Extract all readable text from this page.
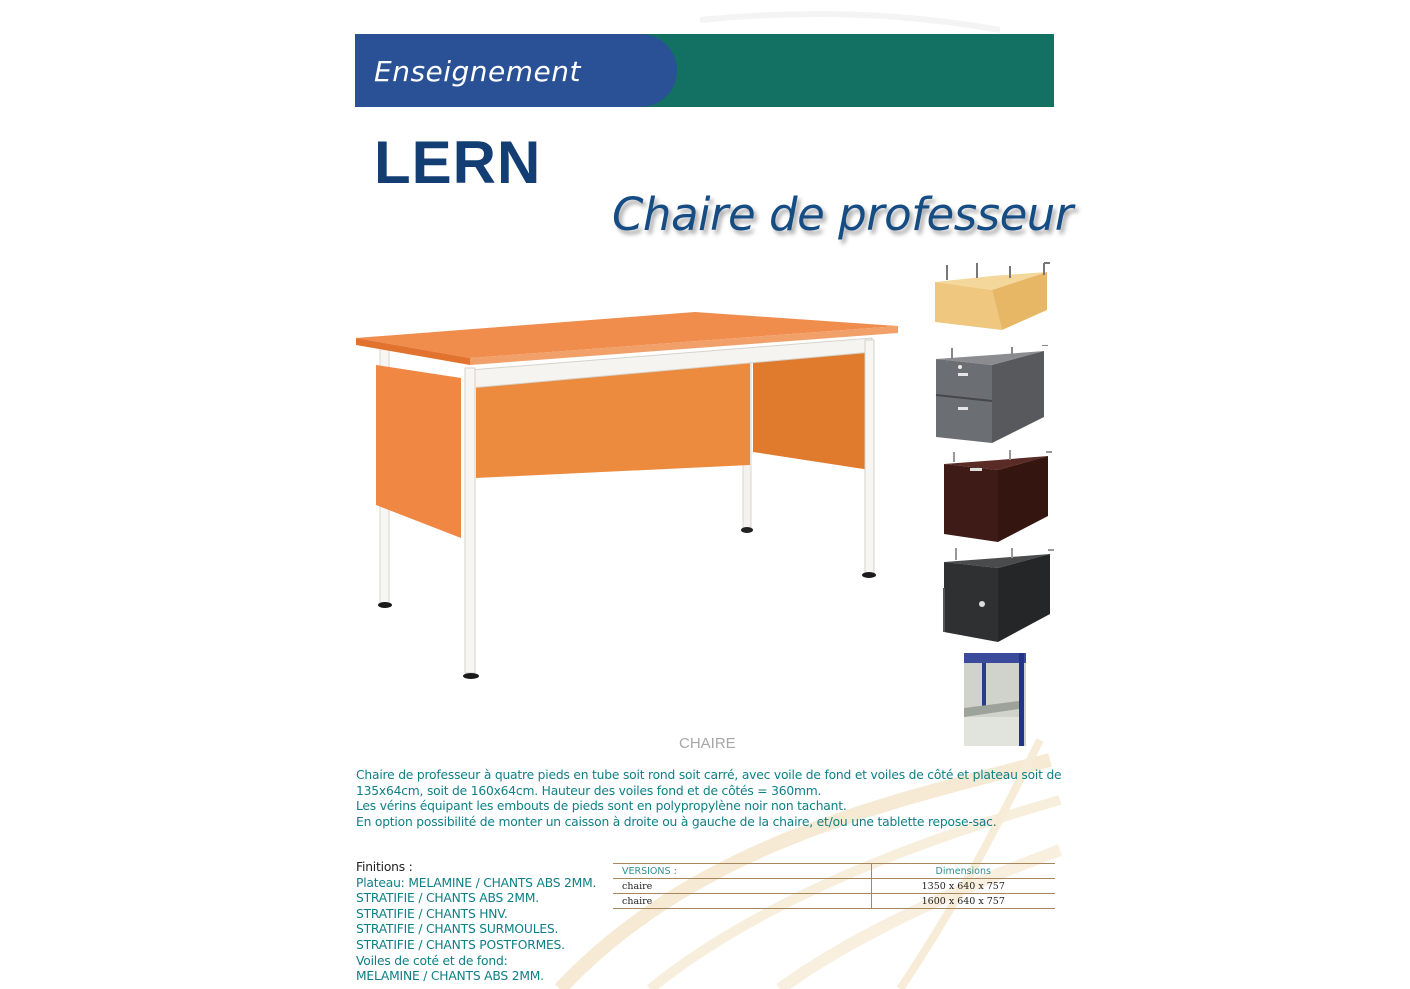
Enseignement
LERN
Chaire de professeur
CHAIRE

Chaire de professeur à quatre pieds en tube soit rond soit carré, avec voile de fond et voiles de côté et plateau soit de

135x64cm, soit de 160x64cm. Hauteur des voiles fond et de côtés = 360mm.

Les vérins équipant les embouts de pieds sont en polypropylène noir non tachant.

En option possibilité de monter un caisson à droite ou à gauche de la chaire, et/ou une tablette repose-sac.

Finitions :

Plateau: MELAMINE / CHANTS ABS 2MM.

STRATIFIE / CHANTS ABS 2MM.

STRATIFIE / CHANTS HNV.

STRATIFIE / CHANTS SURMOULES.

STRATIFIE / CHANTS POSTFORMES.

Voiles de coté et de fond:

MELAMINE / CHANTS ABS 2MM.

VERSIONS :	Dimensions
chaire	1350 x 640 x 757
chaire	1600 x 640 x 757
